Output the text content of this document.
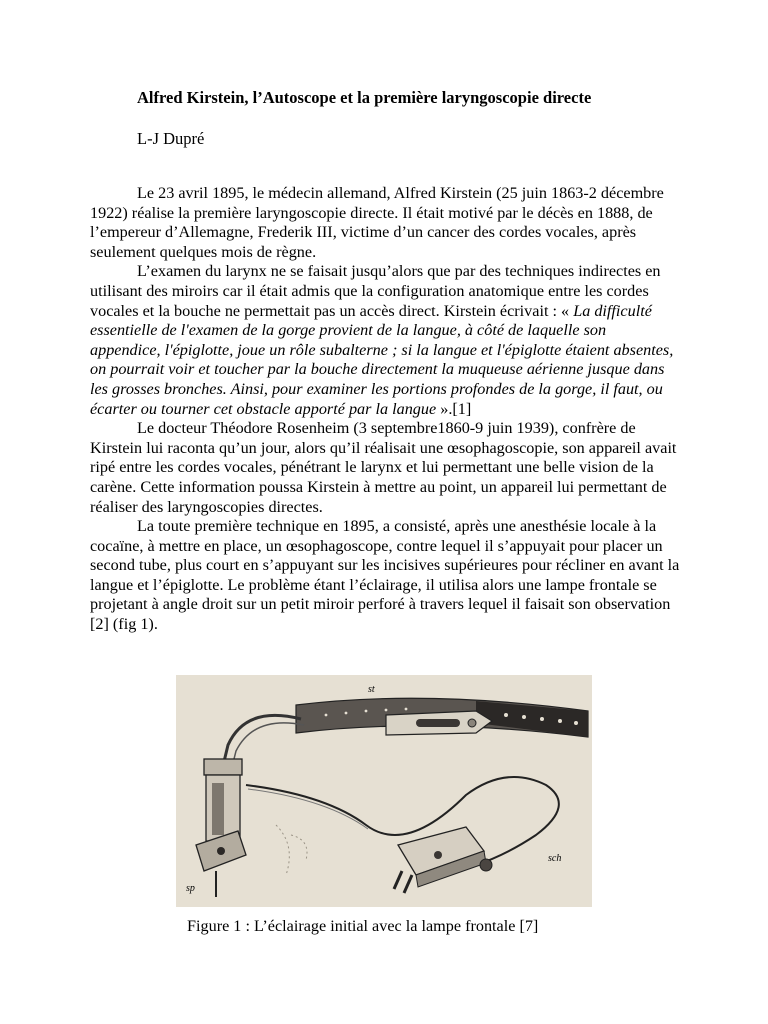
Alfred Kirstein, l’Autoscope et la première laryngoscopie directe

L-J Dupré

Le 23 avril 1895, le médecin allemand, Alfred Kirstein (25 juin 1863-2 décembre 1922) réalise la première laryngoscopie directe. Il était motivé par le décès en 1888, de l’empereur d’Allemagne, Frederik III, victime d’un cancer des cordes vocales, après seulement quelques mois de règne.

L’examen du larynx ne se faisait jusqu’alors que par des techniques indirectes en utilisant des miroirs car il était admis que la configuration anatomique entre les cordes vocales et la bouche ne permettait pas un accès direct. Kirstein écrivait : « La difficulté essentielle de l'examen de la gorge provient de la langue, à côté de laquelle son appendice, l'épiglotte, joue un rôle subalterne ; si la langue et l'épiglotte étaient absentes, on pourrait voir et toucher par la bouche directement la muqueuse aérienne jusque dans les grosses bronches. Ainsi, pour examiner les portions profondes de la gorge, il faut, ou écarter ou tourner cet obstacle apporté par la langue ».[1]

Le docteur Théodore Rosenheim (3 septembre1860-9 juin 1939), confrère de Kirstein lui raconta qu’un jour, alors qu’il réalisait une œsophagoscopie, son appareil avait ripé entre les cordes vocales, pénétrant le larynx et lui permettant une belle vision de la carène. Cette information poussa Kirstein à mettre au point, un appareil lui permettant de réaliser des laryngoscopies directes.

La toute première technique en 1895, a consisté, après une anesthésie locale à la cocaïne, à mettre en place, un œsophagoscope, contre lequel il s’appuyait pour placer un second tube, plus court en s’appuyant sur les incisives supérieures pour récliner en avant la langue et l’épiglotte. Le problème étant l’éclairage, il utilisa alors une lampe frontale se projetant à angle droit sur un petit miroir perforé à travers lequel il faisait son observation [2] (fig 1).

st
sch
sp

Figure 1 : L’éclairage initial avec la lampe frontale [7]
